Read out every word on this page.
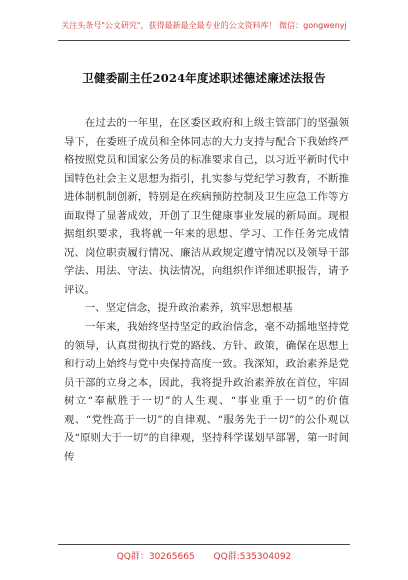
关注头条号"公文研究"，获得最新最全最专业的公文资料库！ 微信：gongwenyj
卫健委副主任2024年度述职述德述廉述法报告

在过去的一年里，在区委区政府和上级主管部门的坚强领导下，在委班子成员和全体同志的大力支持与配合下我始终严格按照党员和国家公务员的标准要求自己，以习近平新时代中国特色社会主义思想为指引，扎实参与党纪学习教育，不断推进体制机制创新，特别是在疾病预防控制及卫生应急工作等方面取得了显著成效，开创了卫生健康事业发展的新局面。现根据组织要求，我将就一年来的思想、学习、工作任务完成情况、岗位职责履行情况、廉洁从政规定遵守情况以及领导干部学法、用法、守法、执法情况，向组织作详细述职报告，请予评议。

一、坚定信念，提升政治素养，筑牢思想根基

一年来，我始终坚持坚定的政治信念，毫不动摇地坚持党的领导，认真贯彻执行党的路线、方针、政策，确保在思想上和行动上始终与党中央保持高度一致。我深知，政治素养是党员干部的立身之本，因此，我将提升政治素养放在首位，牢固树立“奉献胜于一切”的人生观、“事业重于一切”的价值观、“党性高于一切”的自律观、“服务先于一切”的公仆观以及“原则大于一切”的自律观，坚持科学谋划早部署，第一时间传

QQ群：30265665 QQ群:535304092
